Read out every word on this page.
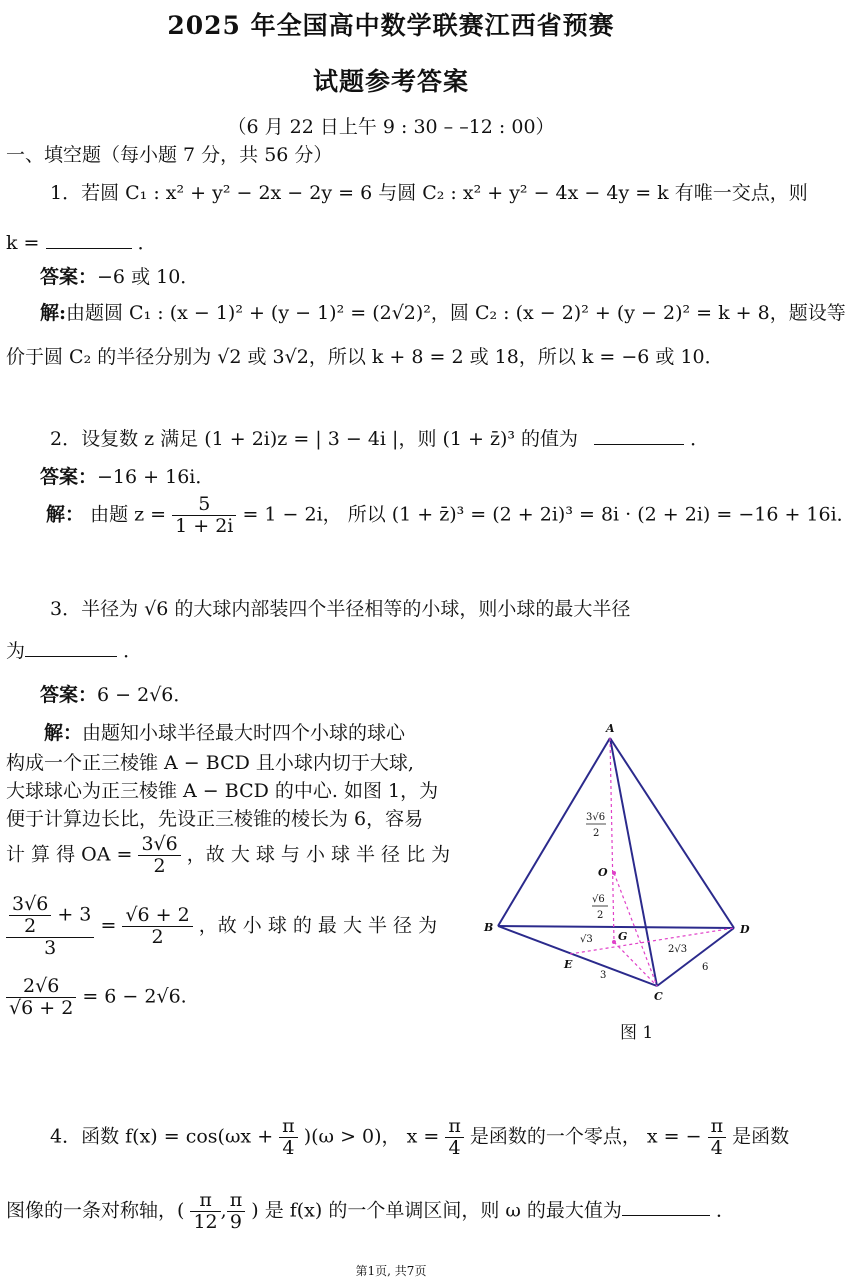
2025 年全国高中数学联赛江西省预赛
试题参考答案
（6 月 22 日上午 9 : 30 – –12 : 00）
一、填空题（每小题 7 分，共 56 分）
1．若圆 C₁ : x² + y² − 2x − 2y = 6 与圆 C₂ : x² + y² − 4x − 4y = k 有唯一交点，则
k =	．
答案：−6 或 10．
解:由题圆 C₁ : (x − 1)² + (y − 1)² = (2√2)²，圆 C₂ : (x − 2)² + (y − 2)² = k + 8，题设等
价于圆 C₂ 的半径分别为 √2 或 3√2，所以 k + 8 = 2 或 18，所以 k = −6 或 10．
2．设复数 z 满足 (1 + 2i)z = | 3 − 4i |，则 (1 + z̄)³ 的值为	．
答案：−16 + 16i．
解： 由题 $z = \frac{5}{1 + 2i} = 1 - 2i$， 所以 (1 + z̄)³ = (2 + 2i)³ = 8i · (2 + 2i) = −16 + 16i．
3．半径为 √6 的大球内部装四个半径相等的小球，则小球的最大半径
为	．
答案：6 − 2√6．
解：由题知小球半径最大时四个小球的球心
构成一个正三棱锥 A − BCD 且小球内切于大球,
大球球心为正三棱锥 A − BCD 的中心. 如图 1，为
便于计算边长比，先设正三棱锥的棱长为 6，容易
计 算 得 OA = $\frac{3√6}{2}$ ，故 大 球 与 小 球 半 径 比 为
$\frac{\frac{3√6}{2} + 3}{3} = \frac{√6 + 2}{2}$ ，故 小 球 的 最 大 半 径 为
$\frac{2√6}{√6 + 2} = 6 - 2√6$.
A
B
C
D
E
G
O
3√6
2
√6
2
√3
2√3
3
6
图 1
4．函数 $f(x) = \cos(\omega x + \frac{\pi}{4} )(\omega > 0)$， $x = \frac{\pi}{4}$ 是函数的一个零点， x = − $\frac{\pi}{4}$ 是函数
图像的一条对称轴，( $\frac{\pi}{12}$ , $\frac{\pi}{9}$ ) 是 f(x) 的一个单调区间，则 ω 的最大值为	．
第1页, 共7页
